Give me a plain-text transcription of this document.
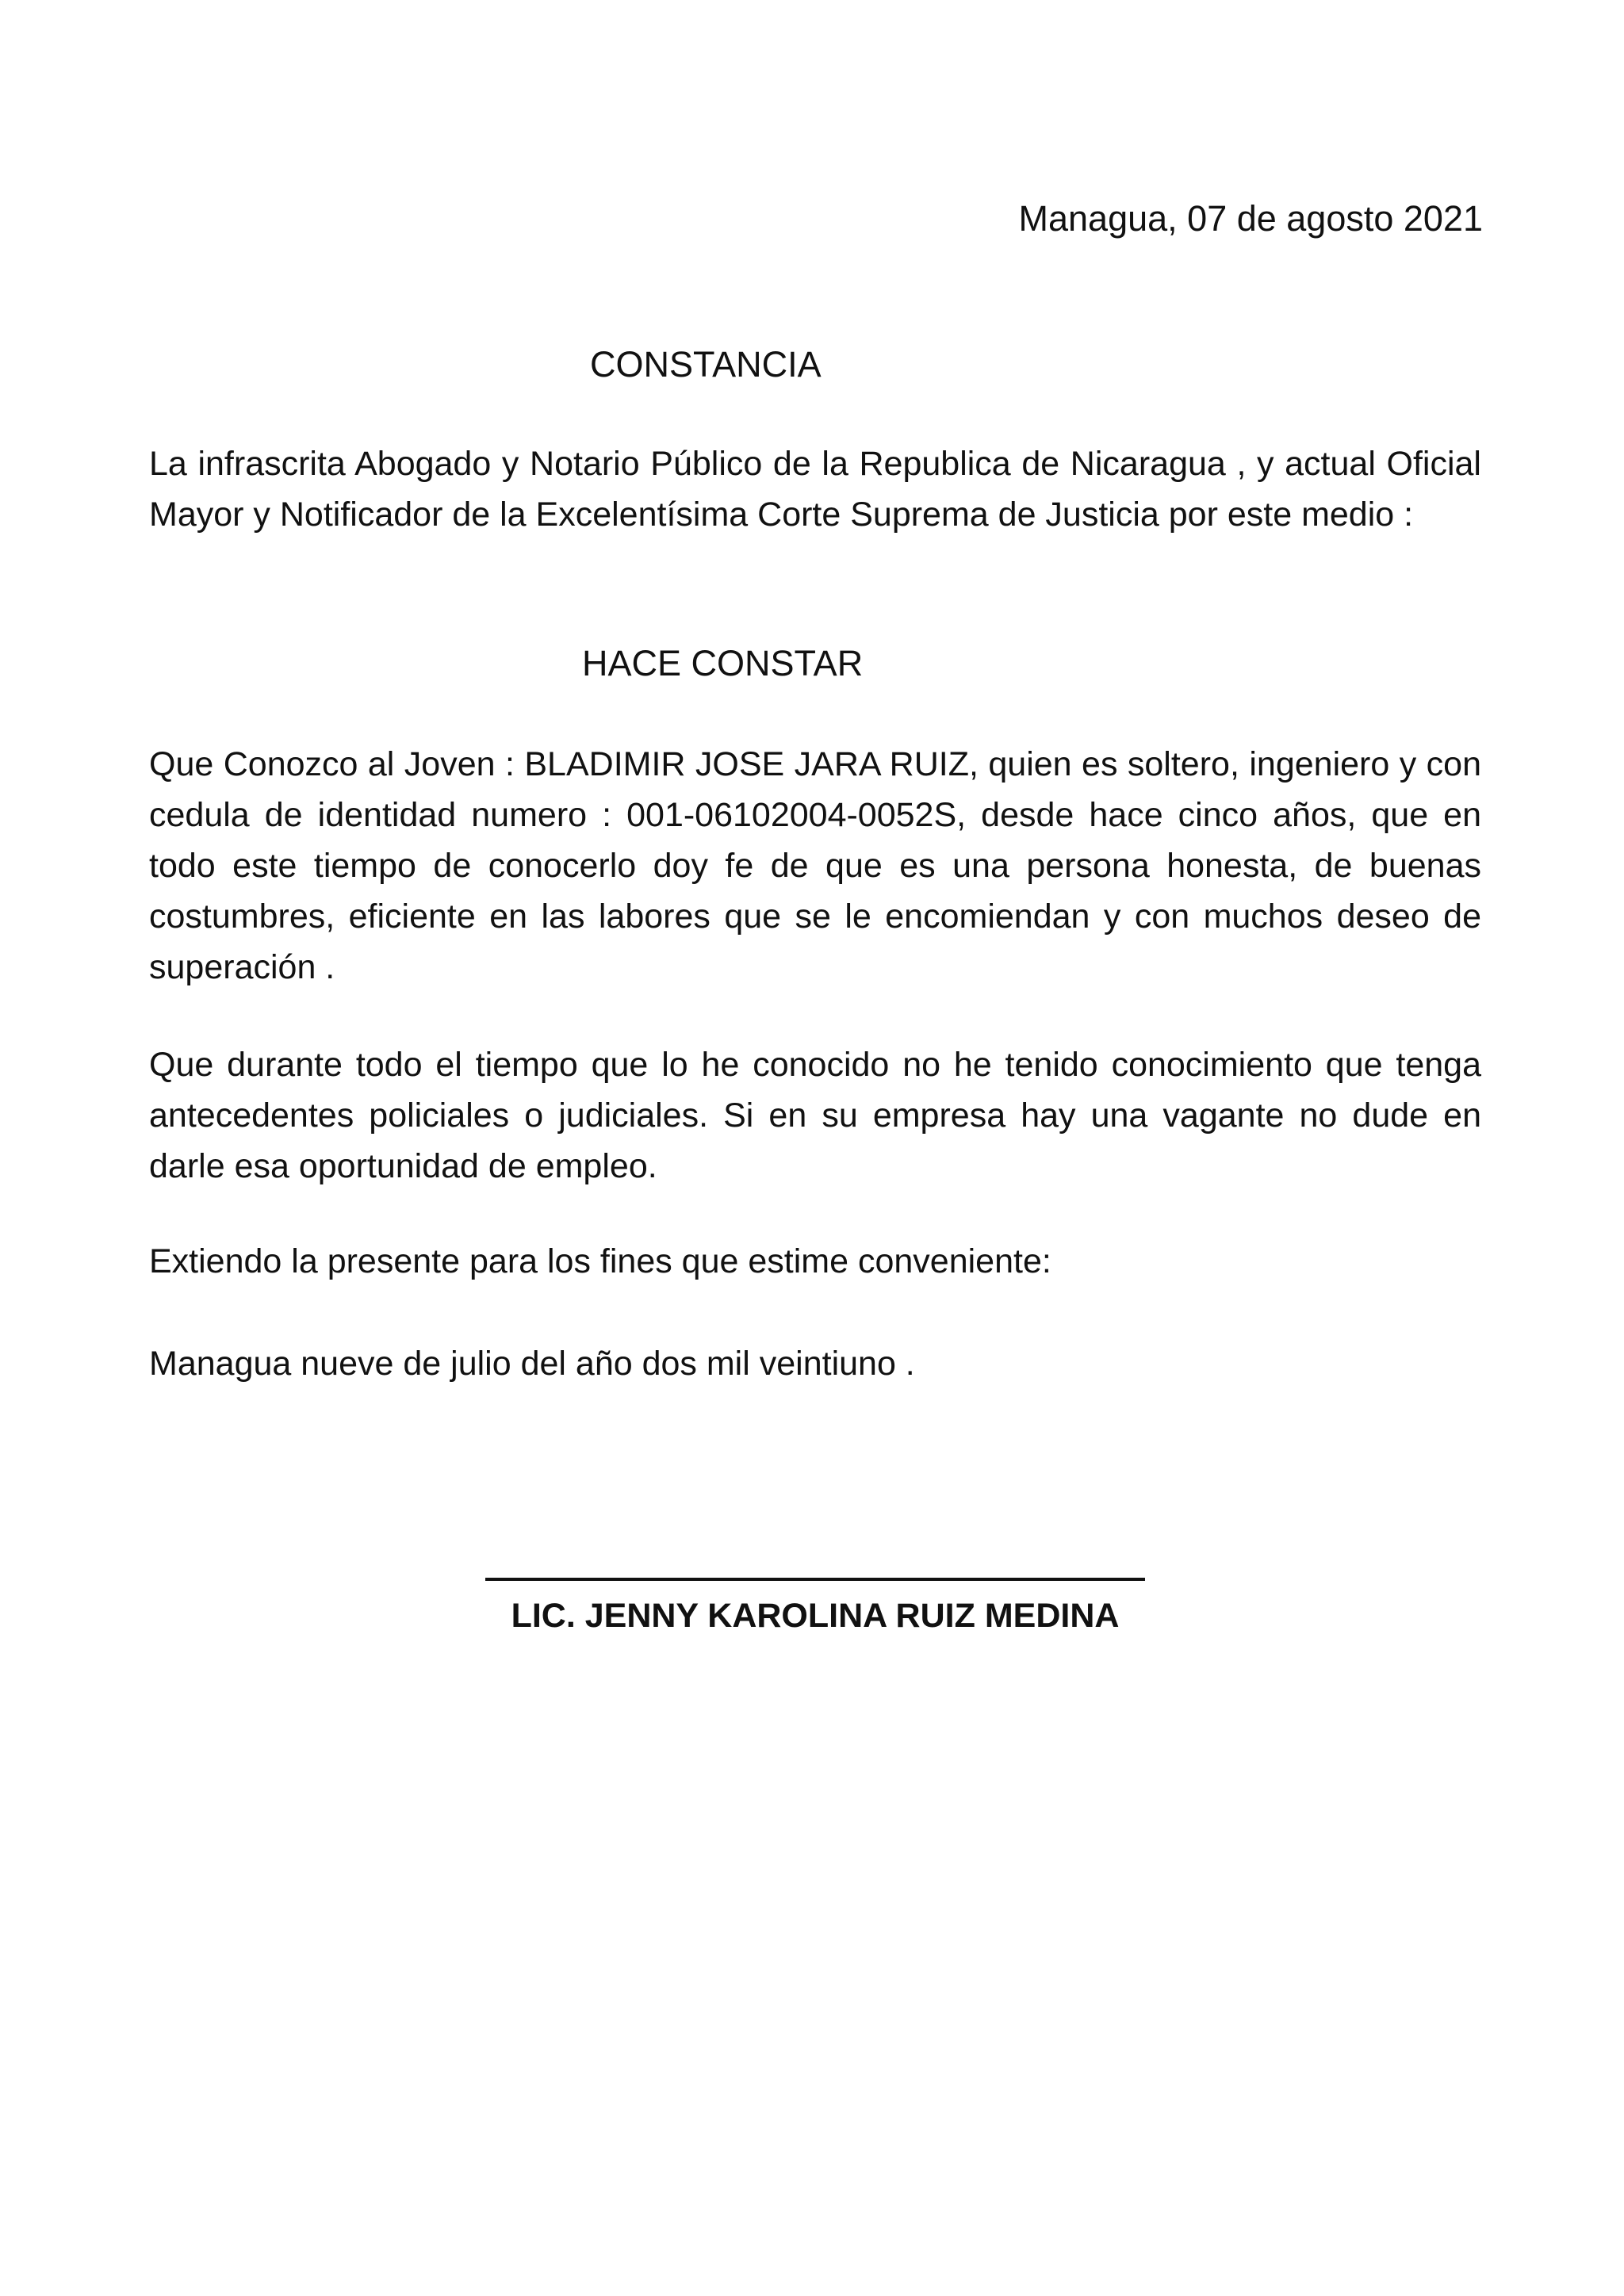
Managua, 07 de agosto 2021
CONSTANCIA

La infrascrita Abogado y Notario Público de la Republica de Nicaragua , y actual Oficial Mayor y Notificador de la Excelentísima Corte Suprema de Justicia por este medio :

HACE CONSTAR

Que Conozco al Joven : BLADIMIR JOSE JARA RUIZ, quien es soltero, ingeniero y con cedula de identidad numero : 001-06102004-0052S, desde hace cinco años, que en todo este tiempo de conocerlo doy fe de que es una persona honesta, de buenas costumbres, eficiente en las labores que se le encomiendan y con muchos deseo de superación .

Que durante todo el tiempo que lo he conocido no he tenido conocimiento que tenga antecedentes policiales o judiciales. Si en su empresa hay una vagante no dude en darle esa oportunidad de empleo.

Extiendo la presente para los fines que estime conveniente:

Managua nueve de julio del año dos mil veintiuno .

LIC. JENNY KAROLINA RUIZ MEDINA
